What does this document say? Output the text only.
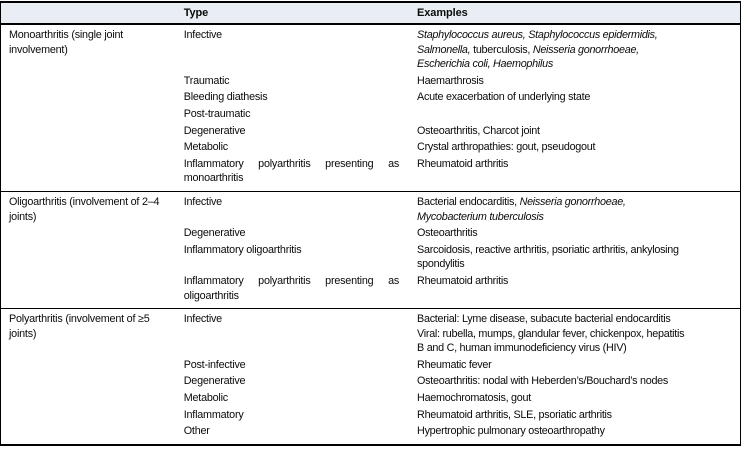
	Type	Examples
Monoarthritis (single joint involvement)	Infective	Staphylococcus aureus, Staphylococcus epidermidis,
Salmonella, tuberculosis, Neisseria gonorrhoeae,
Escherichia coli, Haemophilus

	Traumatic	Haemarthrosis

	Bleeding diathesis	Acute exacerbation of underlying state

	Post-traumatic	
	Degenerative	Osteoarthritis, Charcot joint

	Metabolic	Crystal arthropathies: gout, pseudogout

	Inflammatory polyarthritis presenting as monoarthritis	Rheumatoid arthritis

Oligoarthritis (involvement of 2–4 joints)	Infective	Bacterial endocarditis, Neisseria gonorrhoeae,
Mycobacterium tuberculosis

	Degenerative	Osteoarthritis

	Inflammatory oligoarthritis	Sarcoidosis, reactive arthritis, psoriatic arthritis, ankylosing
spondylitis

	Inflammatory polyarthritis presenting as oligoarthritis	Rheumatoid arthritis

Polyarthritis (involvement of ≥5 joints)	Infective	Bacterial: Lyme disease, subacute bacterial endocarditis
Viral: rubella, mumps, glandular fever, chickenpox, hepatitis
B and C, human immunodeficiency virus (HIV)

	Post-infective	Rheumatic fever

	Degenerative	Osteoarthritis: nodal with Heberden’s/Bouchard’s nodes

	Metabolic	Haemochromatosis, gout

	Inflammatory	Rheumatoid arthritis, SLE, psoriatic arthritis

	Other	Hypertrophic pulmonary osteoarthropathy
